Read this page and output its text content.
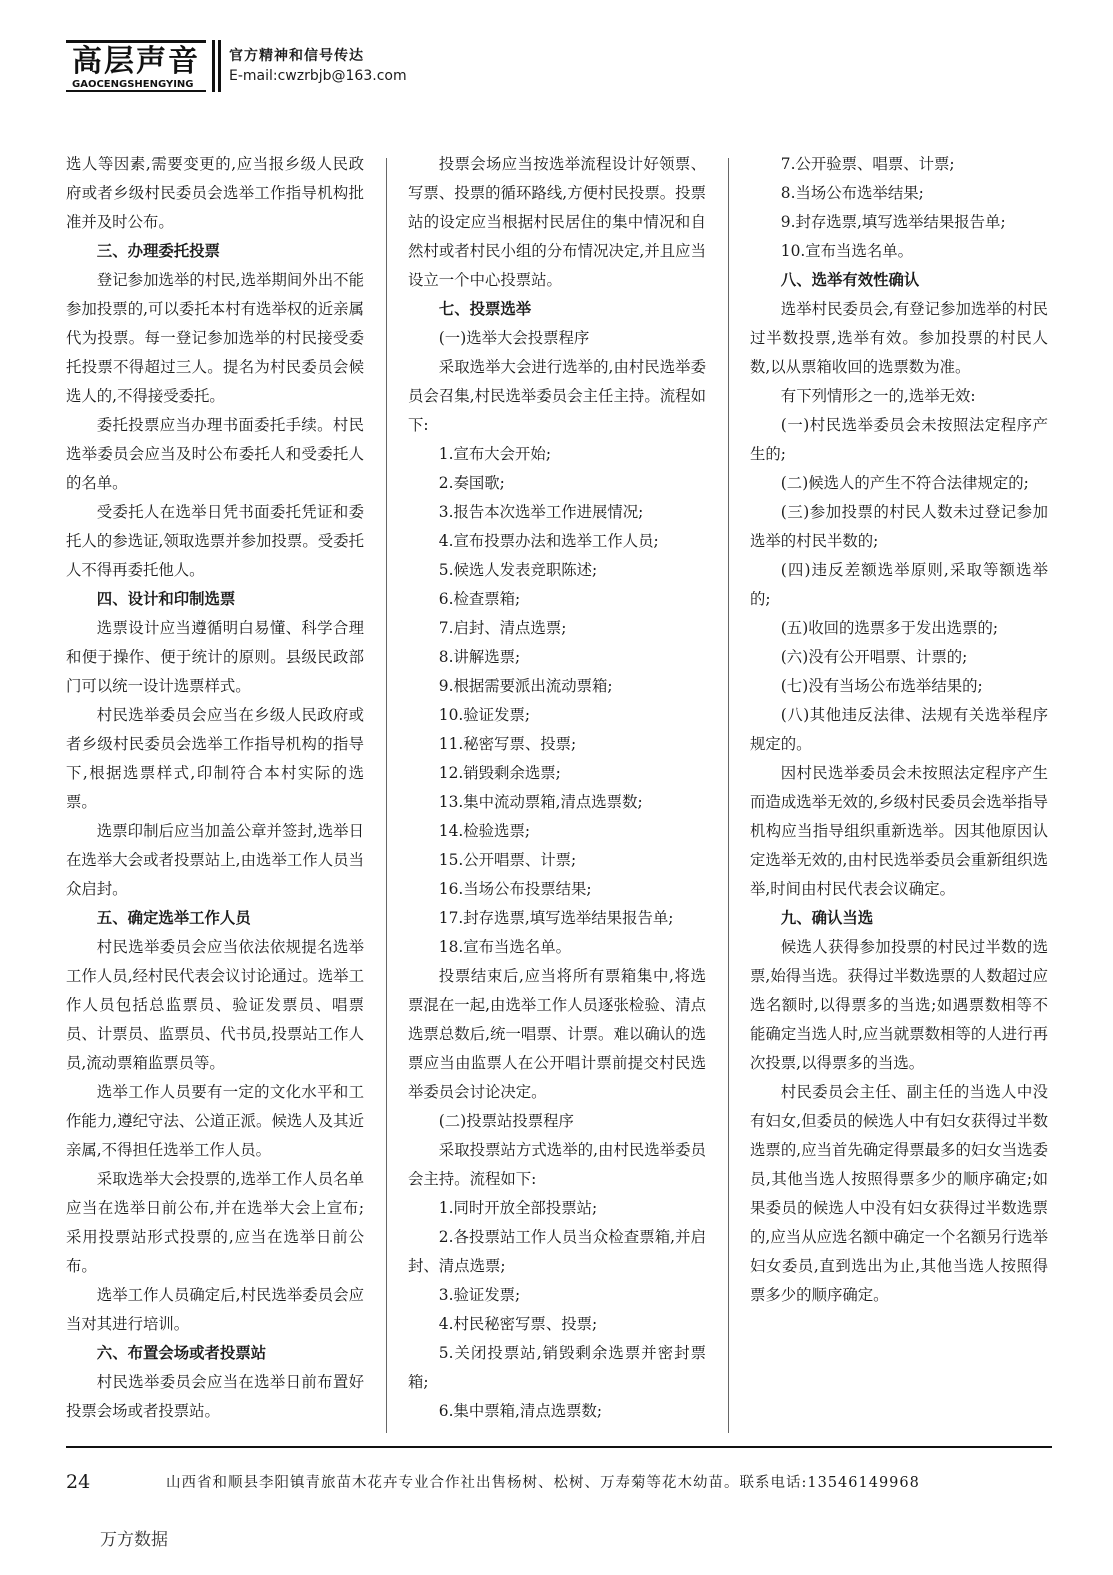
高层声音
GAOCENGSHENGYING
官方精神和信号传达
E-mail:cwzrbjb@163.com

选人等因素,需要变更的,应当报乡级人民政府或者乡级村民委员会选举工作指导机构批准并及时公布。

三、办理委托投票

登记参加选举的村民,选举期间外出不能参加投票的,可以委托本村有选举权的近亲属代为投票。每一登记参加选举的村民接受委托投票不得超过三人。提名为村民委员会候选人的,不得接受委托。

委托投票应当办理书面委托手续。村民选举委员会应当及时公布委托人和受委托人的名单。

受委托人在选举日凭书面委托凭证和委托人的参选证,领取选票并参加投票。受委托人不得再委托他人。

四、设计和印制选票

选票设计应当遵循明白易懂、科学合理和便于操作、便于统计的原则。县级民政部门可以统一设计选票样式。

村民选举委员会应当在乡级人民政府或者乡级村民委员会选举工作指导机构的指导下,根据选票样式,印制符合本村实际的选票。

选票印制后应当加盖公章并签封,选举日在选举大会或者投票站上,由选举工作人员当众启封。

五、确定选举工作人员

村民选举委员会应当依法依规提名选举工作人员,经村民代表会议讨论通过。选举工作人员包括总监票员、验证发票员、唱票员、计票员、监票员、代书员,投票站工作人员,流动票箱监票员等。

选举工作人员要有一定的文化水平和工作能力,遵纪守法、公道正派。候选人及其近亲属,不得担任选举工作人员。

采取选举大会投票的,选举工作人员名单应当在选举日前公布,并在选举大会上宣布;采用投票站形式投票的,应当在选举日前公布。

选举工作人员确定后,村民选举委员会应当对其进行培训。

六、布置会场或者投票站

村民选举委员会应当在选举日前布置好投票会场或者投票站。

投票会场应当按选举流程设计好领票、写票、投票的循环路线,方便村民投票。投票站的设定应当根据村民居住的集中情况和自然村或者村民小组的分布情况决定,并且应当设立一个中心投票站。

七、投票选举

(一)选举大会投票程序

采取选举大会进行选举的,由村民选举委员会召集,村民选举委员会主任主持。流程如下:

1.宣布大会开始;

2.奏国歌;

3.报告本次选举工作进展情况;

4.宣布投票办法和选举工作人员;

5.候选人发表竞职陈述;

6.检查票箱;

7.启封、清点选票;

8.讲解选票;

9.根据需要派出流动票箱;

10.验证发票;

11.秘密写票、投票;

12.销毁剩余选票;

13.集中流动票箱,清点选票数;

14.检验选票;

15.公开唱票、计票;

16.当场公布投票结果;

17.封存选票,填写选举结果报告单;

18.宣布当选名单。

投票结束后,应当将所有票箱集中,将选票混在一起,由选举工作人员逐张检验、清点选票总数后,统一唱票、计票。难以确认的选票应当由监票人在公开唱计票前提交村民选举委员会讨论决定。

(二)投票站投票程序

采取投票站方式选举的,由村民选举委员会主持。流程如下:

1.同时开放全部投票站;

2.各投票站工作人员当众检查票箱,并启封、清点选票;

3.验证发票;

4.村民秘密写票、投票;

5.关闭投票站,销毁剩余选票并密封票箱;

6.集中票箱,清点选票数;

7.公开验票、唱票、计票;

8.当场公布选举结果;

9.封存选票,填写选举结果报告单;

10.宣布当选名单。

八、选举有效性确认

选举村民委员会,有登记参加选举的村民过半数投票,选举有效。参加投票的村民人数,以从票箱收回的选票数为准。

有下列情形之一的,选举无效:

(一)村民选举委员会未按照法定程序产生的;

(二)候选人的产生不符合法律规定的;

(三)参加投票的村民人数未过登记参加选举的村民半数的;

(四)违反差额选举原则,采取等额选举的;

(五)收回的选票多于发出选票的;

(六)没有公开唱票、计票的;

(七)没有当场公布选举结果的;

(八)其他违反法律、法规有关选举程序规定的。

因村民选举委员会未按照法定程序产生而造成选举无效的,乡级村民委员会选举指导机构应当指导组织重新选举。因其他原因认定选举无效的,由村民选举委员会重新组织选举,时间由村民代表会议确定。

九、确认当选

候选人获得参加投票的村民过半数的选票,始得当选。获得过半数选票的人数超过应选名额时,以得票多的当选;如遇票数相等不能确定当选人时,应当就票数相等的人进行再次投票,以得票多的当选。

村民委员会主任、副主任的当选人中没有妇女,但委员的候选人中有妇女获得过半数选票的,应当首先确定得票最多的妇女当选委员,其他当选人按照得票多少的顺序确定;如果委员的候选人中没有妇女获得过半数选票的,应当从应选名额中确定一个名额另行选举妇女委员,直到选出为止,其他当选人按照得票多少的顺序确定。

24	山西省和顺县李阳镇青旅苗木花卉专业合作社出售杨树、松树、万寿菊等花木幼苗。联系电话:13546149968
万方数据
